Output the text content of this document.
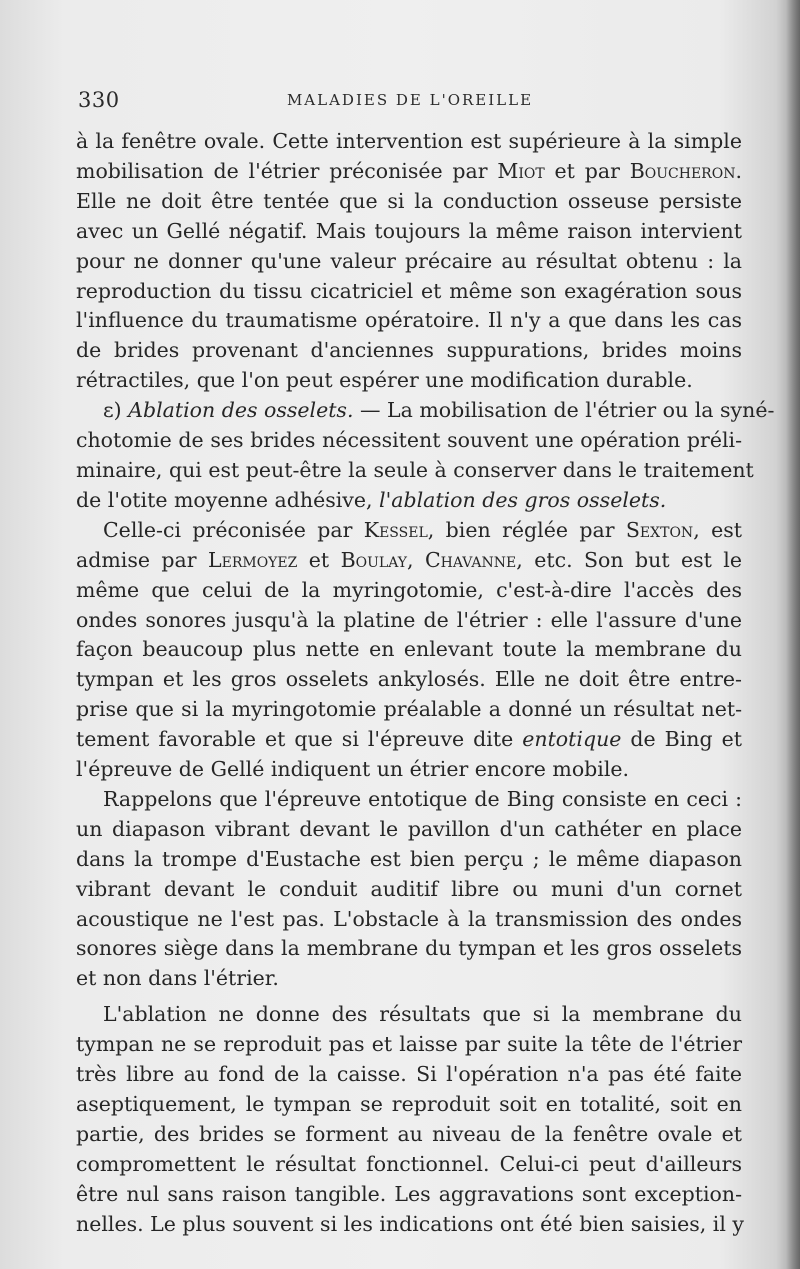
330	MALADIES DE L'OREILLE
à la fenêtre ovale. Cette intervention est supérieure à la simple
mobilisation de l'étrier préconisée par Miot et par Boucheron.
Elle ne doit être tentée que si la conduction osseuse persiste
avec un Gellé négatif. Mais toujours la même raison intervient
pour ne donner qu'une valeur précaire au résultat obtenu : la
reproduction du tissu cicatriciel et même son exagération sous
l'influence du traumatisme opératoire. Il n'y a que dans les cas
de brides provenant d'anciennes suppurations, brides moins
rétractiles, que l'on peut espérer une modification durable.
ε) Ablation des osselets. — La mobilisation de l'étrier ou la syné-
chotomie de ses brides nécessitent souvent une opération préli-
minaire, qui est peut-être la seule à conserver dans le traitement
de l'otite moyenne adhésive, l'ablation des gros osselets.
Celle-ci préconisée par Kessel, bien réglée par Sexton, est
admise par Lermoyez et Boulay, Chavanne, etc. Son but est le
même que celui de la myringotomie, c'est-à-dire l'accès des
ondes sonores jusqu'à la platine de l'étrier : elle l'assure d'une
façon beaucoup plus nette en enlevant toute la membrane du
tympan et les gros osselets ankylosés. Elle ne doit être entre-
prise que si la myringotomie préalable a donné un résultat net-
tement favorable et que si l'épreuve dite entotique de Bing et
l'épreuve de Gellé indiquent un étrier encore mobile.
Rappelons que l'épreuve entotique de Bing consiste en ceci :
un diapason vibrant devant le pavillon d'un cathéter en place
dans la trompe d'Eustache est bien perçu ; le même diapason
vibrant devant le conduit auditif libre ou muni d'un cornet
acoustique ne l'est pas. L'obstacle à la transmission des ondes
sonores siège dans la membrane du tympan et les gros osselets
et non dans l'étrier.
L'ablation ne donne des résultats que si la membrane du
tympan ne se reproduit pas et laisse par suite la tête de l'étrier
très libre au fond de la caisse. Si l'opération n'a pas été faite
aseptiquement, le tympan se reproduit soit en totalité, soit en
partie, des brides se forment au niveau de la fenêtre ovale et
compromettent le résultat fonctionnel. Celui-ci peut d'ailleurs
être nul sans raison tangible. Les aggravations sont exception-
nelles. Le plus souvent si les indications ont été bien saisies, il y
